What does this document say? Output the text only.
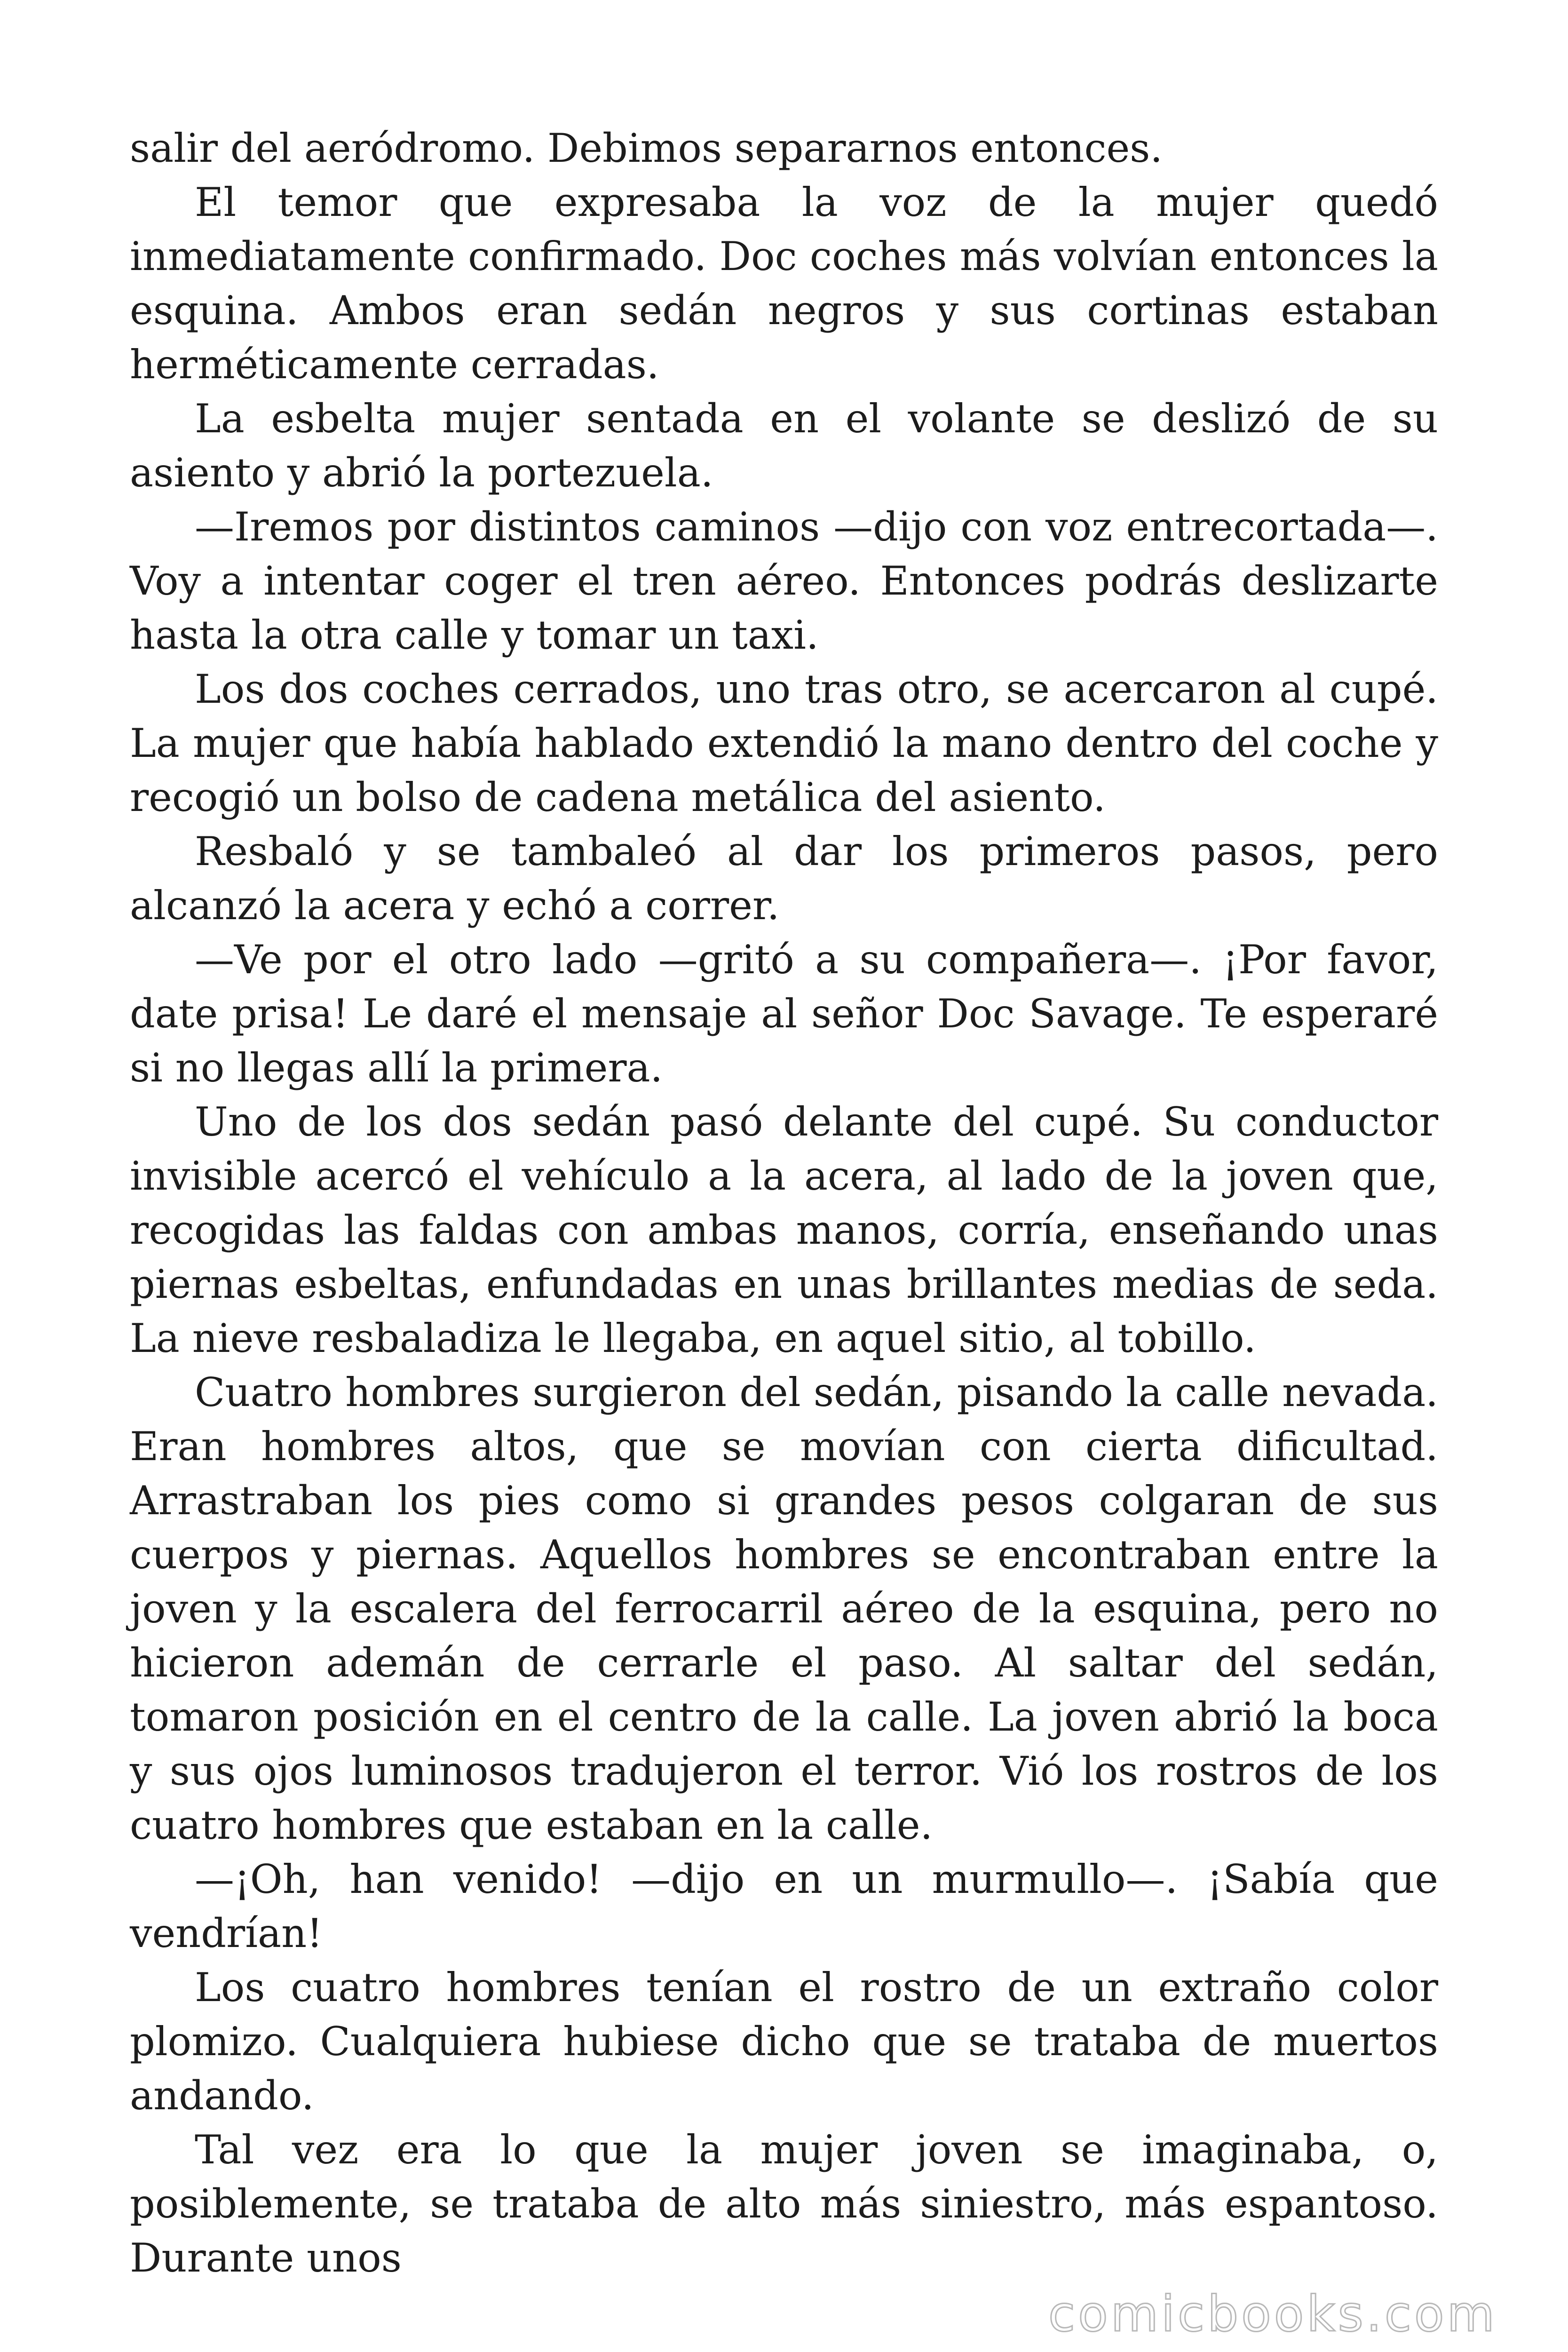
salir del aeródromo. Debimos separarnos entonces.

El temor que expresaba la voz de la mujer quedó inmediatamente confirmado. Doc coches más volvían entonces la esquina. Ambos eran sedán negros y sus cortinas estaban herméticamente cerradas.

La esbelta mujer sentada en el volante se deslizó de su asiento y abrió la portezuela.

—Iremos por distintos caminos —dijo con voz entrecortada—. Voy a intentar coger el tren aéreo. Entonces podrás deslizarte hasta la otra calle y tomar un taxi.

Los dos coches cerrados, uno tras otro, se acercaron al cupé. La mujer que había hablado extendió la mano dentro del coche y recogió un bolso de cadena metálica del asiento.

Resbaló y se tambaleó al dar los primeros pasos, pero alcanzó la acera y echó a correr.

—Ve por el otro lado —gritó a su compañera—. ¡Por favor, date prisa! Le daré el mensaje al señor Doc Savage. Te esperaré si no llegas allí la primera.

Uno de los dos sedán pasó delante del cupé. Su conductor invisible acercó el vehículo a la acera, al lado de la joven que, recogidas las faldas con ambas manos, corría, enseñando unas piernas esbeltas, enfundadas en unas brillantes medias de seda. La nieve resbaladiza le llegaba, en aquel sitio, al tobillo.

Cuatro hombres surgieron del sedán, pisando la calle nevada. Eran hombres altos, que se movían con cierta dificultad. Arrastraban los pies como si grandes pesos colgaran de sus cuerpos y piernas. Aquellos hombres se encontraban entre la joven y la escalera del ferrocarril aéreo de la esquina, pero no hicieron ademán de cerrarle el paso. Al saltar del sedán, tomaron posición en el centro de la calle. La joven abrió la boca y sus ojos luminosos tradujeron el terror. Vió los rostros de los cuatro hombres que estaban en la calle.

—¡Oh, han venido! —dijo en un murmullo—. ¡Sabía que vendrían!

Los cuatro hombres tenían el rostro de un extraño color plomizo. Cualquiera hubiese dicho que se trataba de muertos andando.

Tal vez era lo que la mujer joven se imaginaba, o, posiblemente, se trataba de alto más siniestro, más espantoso. Durante unos

comicbooks.com
